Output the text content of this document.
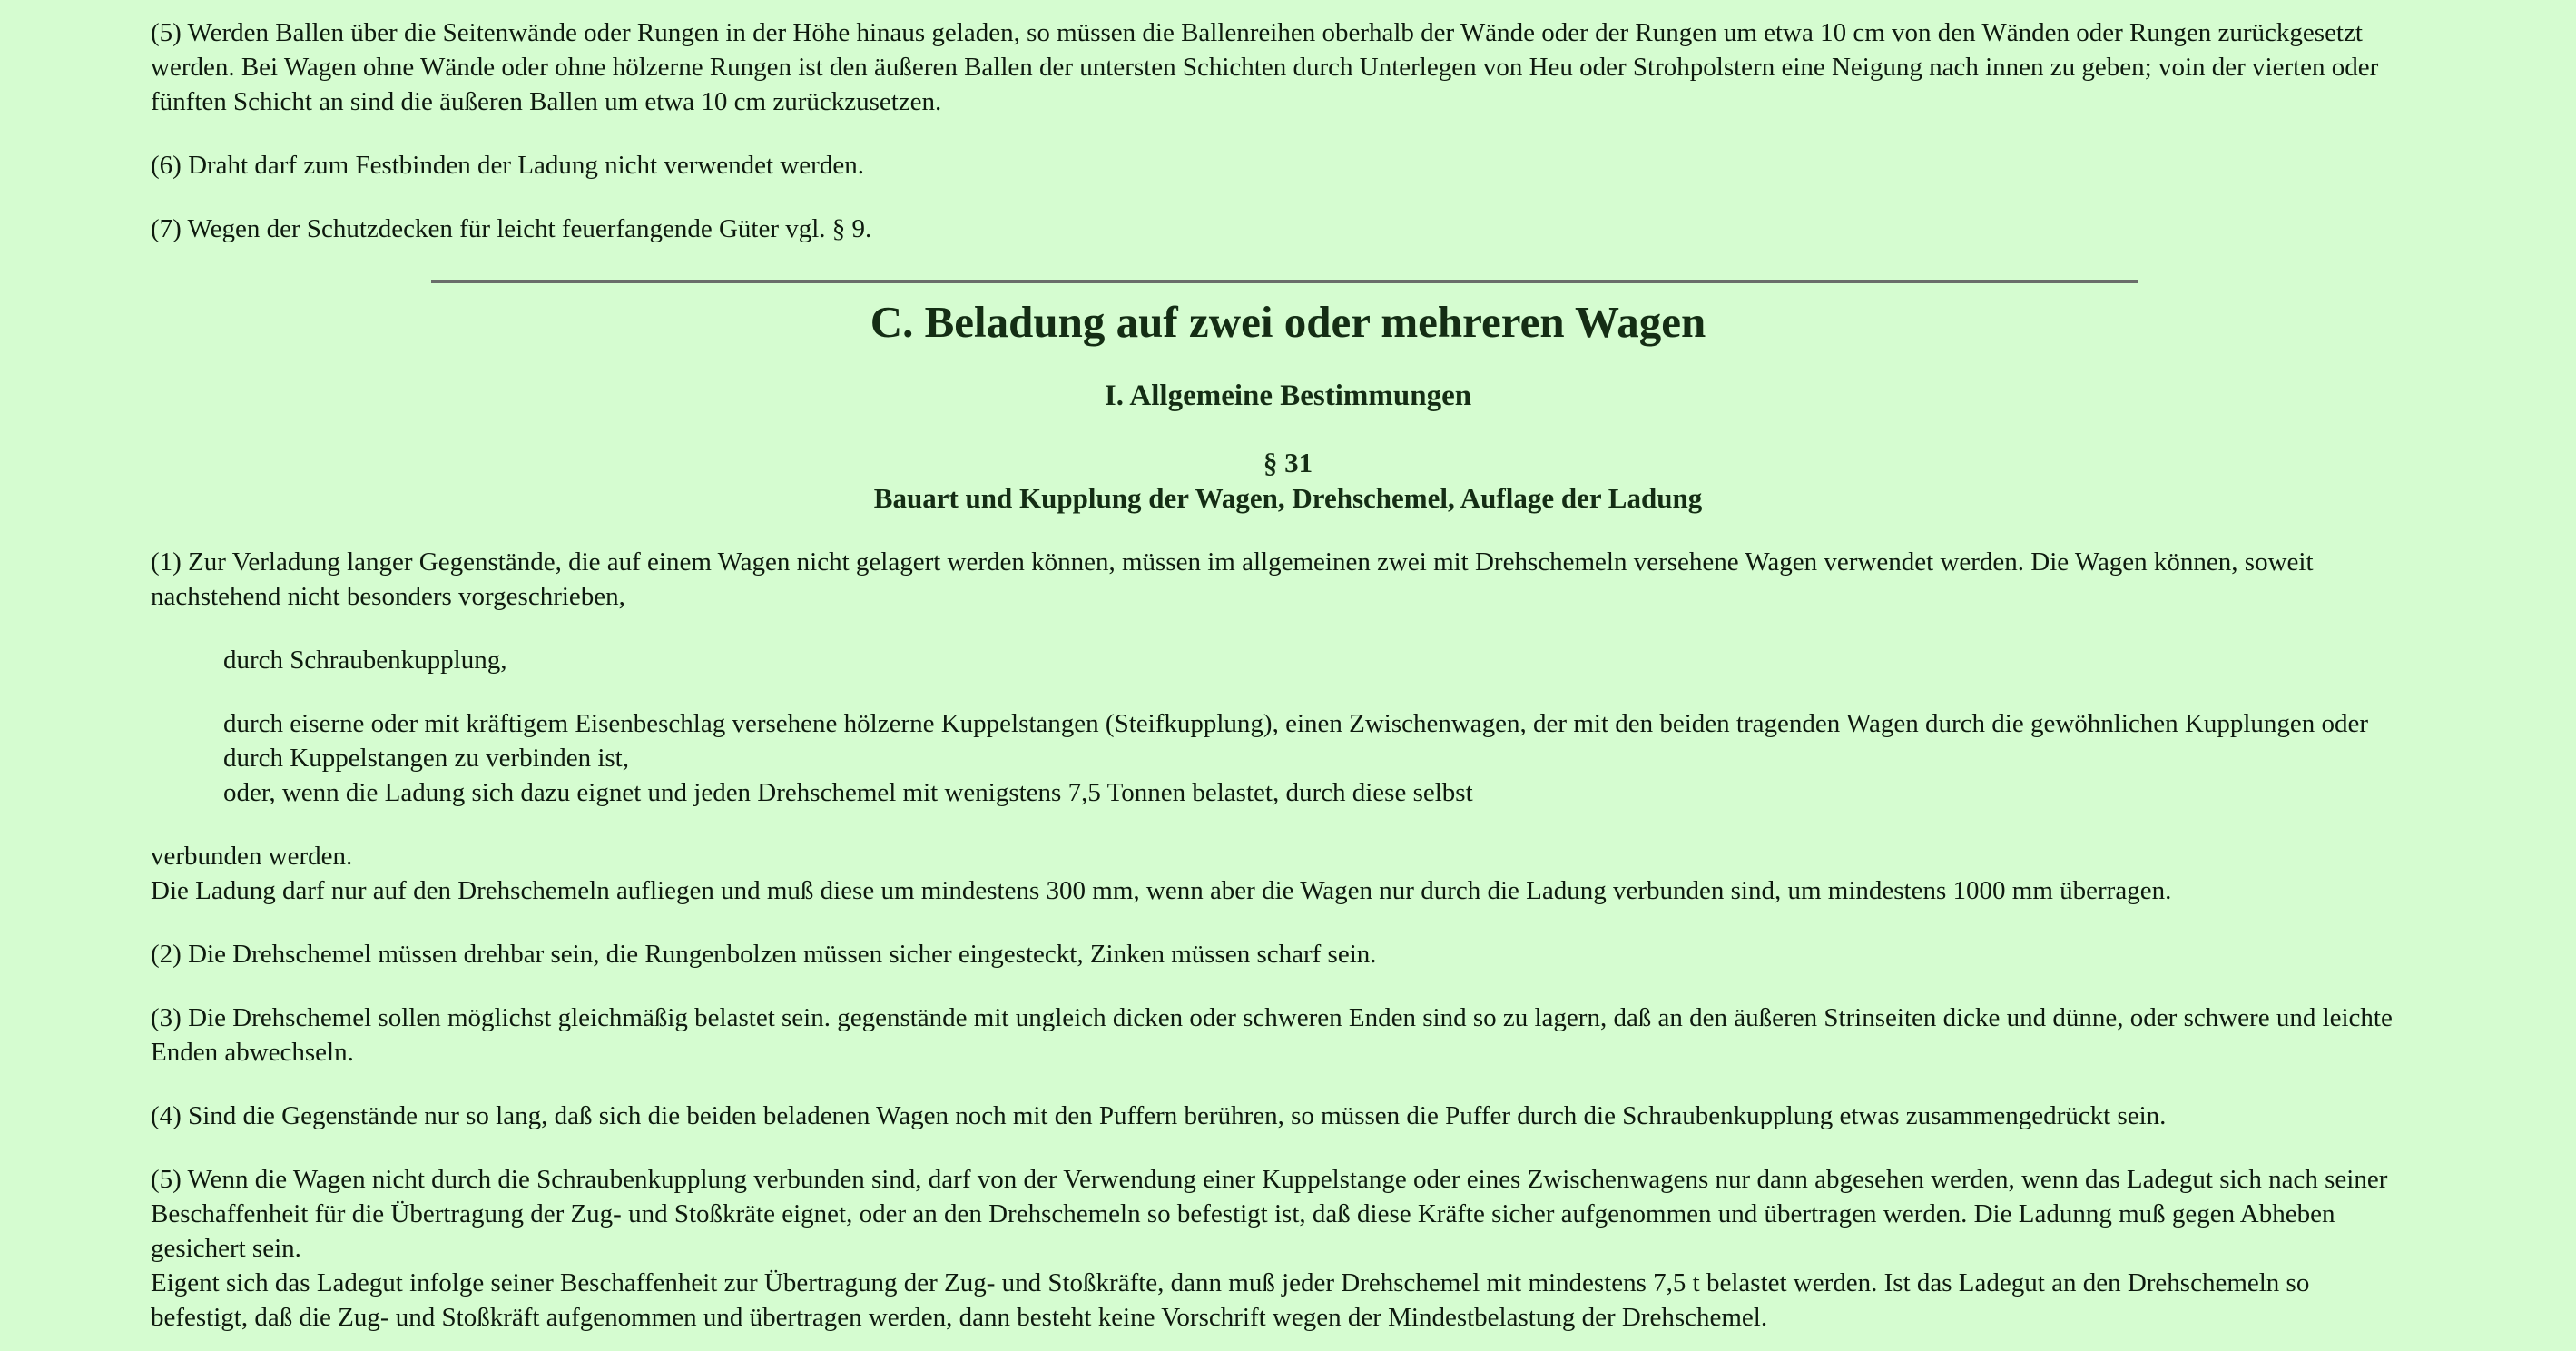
(5) Werden Ballen über die Seitenwände oder Rungen in der Höhe hinaus geladen, so müssen die Ballenreihen oberhalb der Wände oder der Rungen um etwa 10 cm von den Wänden oder Rungen zurückgesetzt werden. Bei Wagen ohne Wände oder ohne hölzerne Rungen ist den äußeren Ballen der untersten Schichten durch Unterlegen von Heu oder Strohpolstern eine Neigung nach innen zu geben; voin der vierten oder fünften Schicht an sind die äußeren Ballen um etwa 10 cm zurückzusetzen.

(6) Draht darf zum Festbinden der Ladung nicht verwendet werden.

(7) Wegen der Schutzdecken für leicht feuerfangende Güter vgl. § 9.

C. Beladung auf zwei oder mehreren Wagen
I. Allgemeine Bestimmungen
§ 31
Bauart und Kupplung der Wagen, Drehschemel, Auflage der Ladung

(1) Zur Verladung langer Gegenstände, die auf einem Wagen nicht gelagert werden können, müssen im allgemeinen zwei mit Drehschemeln versehene Wagen verwendet werden. Die Wagen können, soweit nachstehend nicht besonders vorgeschrieben,

durch Schraubenkupplung,

durch eiserne oder mit kräftigem Eisenbeschlag versehene hölzerne Kuppelstangen (Steifkupplung), einen Zwischenwagen, der mit den beiden tragenden Wagen durch die gewöhnlichen Kupplungen oder durch Kuppelstangen zu verbinden ist,

oder, wenn die Ladung sich dazu eignet und jeden Drehschemel mit wenigstens 7,5 Tonnen belastet, durch diese selbst

verbunden werden.

Die Ladung darf nur auf den Drehschemeln aufliegen und muß diese um mindestens 300 mm, wenn aber die Wagen nur durch die Ladung verbunden sind, um mindestens 1000 mm überragen.

(2) Die Drehschemel müssen drehbar sein, die Rungenbolzen müssen sicher eingesteckt, Zinken müssen scharf sein.

(3) Die Drehschemel sollen möglichst gleichmäßig belastet sein. gegenstände mit ungleich dicken oder schweren Enden sind so zu lagern, daß an den äußeren Strinseiten dicke und dünne, oder schwere und leichte Enden abwechseln.

(4) Sind die Gegenstände nur so lang, daß sich die beiden beladenen Wagen noch mit den Puffern berühren, so müssen die Puffer durch die Schraubenkupplung etwas zusammengedrückt sein.

(5) Wenn die Wagen nicht durch die Schraubenkupplung verbunden sind, darf von der Verwendung einer Kuppelstange oder eines Zwischenwagens nur dann abgesehen werden, wenn das Ladegut sich nach seiner Beschaffenheit für die Übertragung der Zug- und Stoßkräte eignet, oder an den Drehschemeln so befestigt ist, daß diese Kräfte sicher aufgenommen und übertragen werden. Die Ladunng muß gegen Abheben gesichert sein.

Eigent sich das Ladegut infolge seiner Beschaffenheit zur Übertragung der Zug- und Stoßkräfte, dann muß jeder Drehschemel mit mindestens 7,5 t belastet werden. Ist das Ladegut an den Drehschemeln so befestigt, daß die Zug- und Stoßkräft aufgenommen und übertragen werden, dann besteht keine Vorschrift wegen der Mindestbelastung der Drehschemel.
